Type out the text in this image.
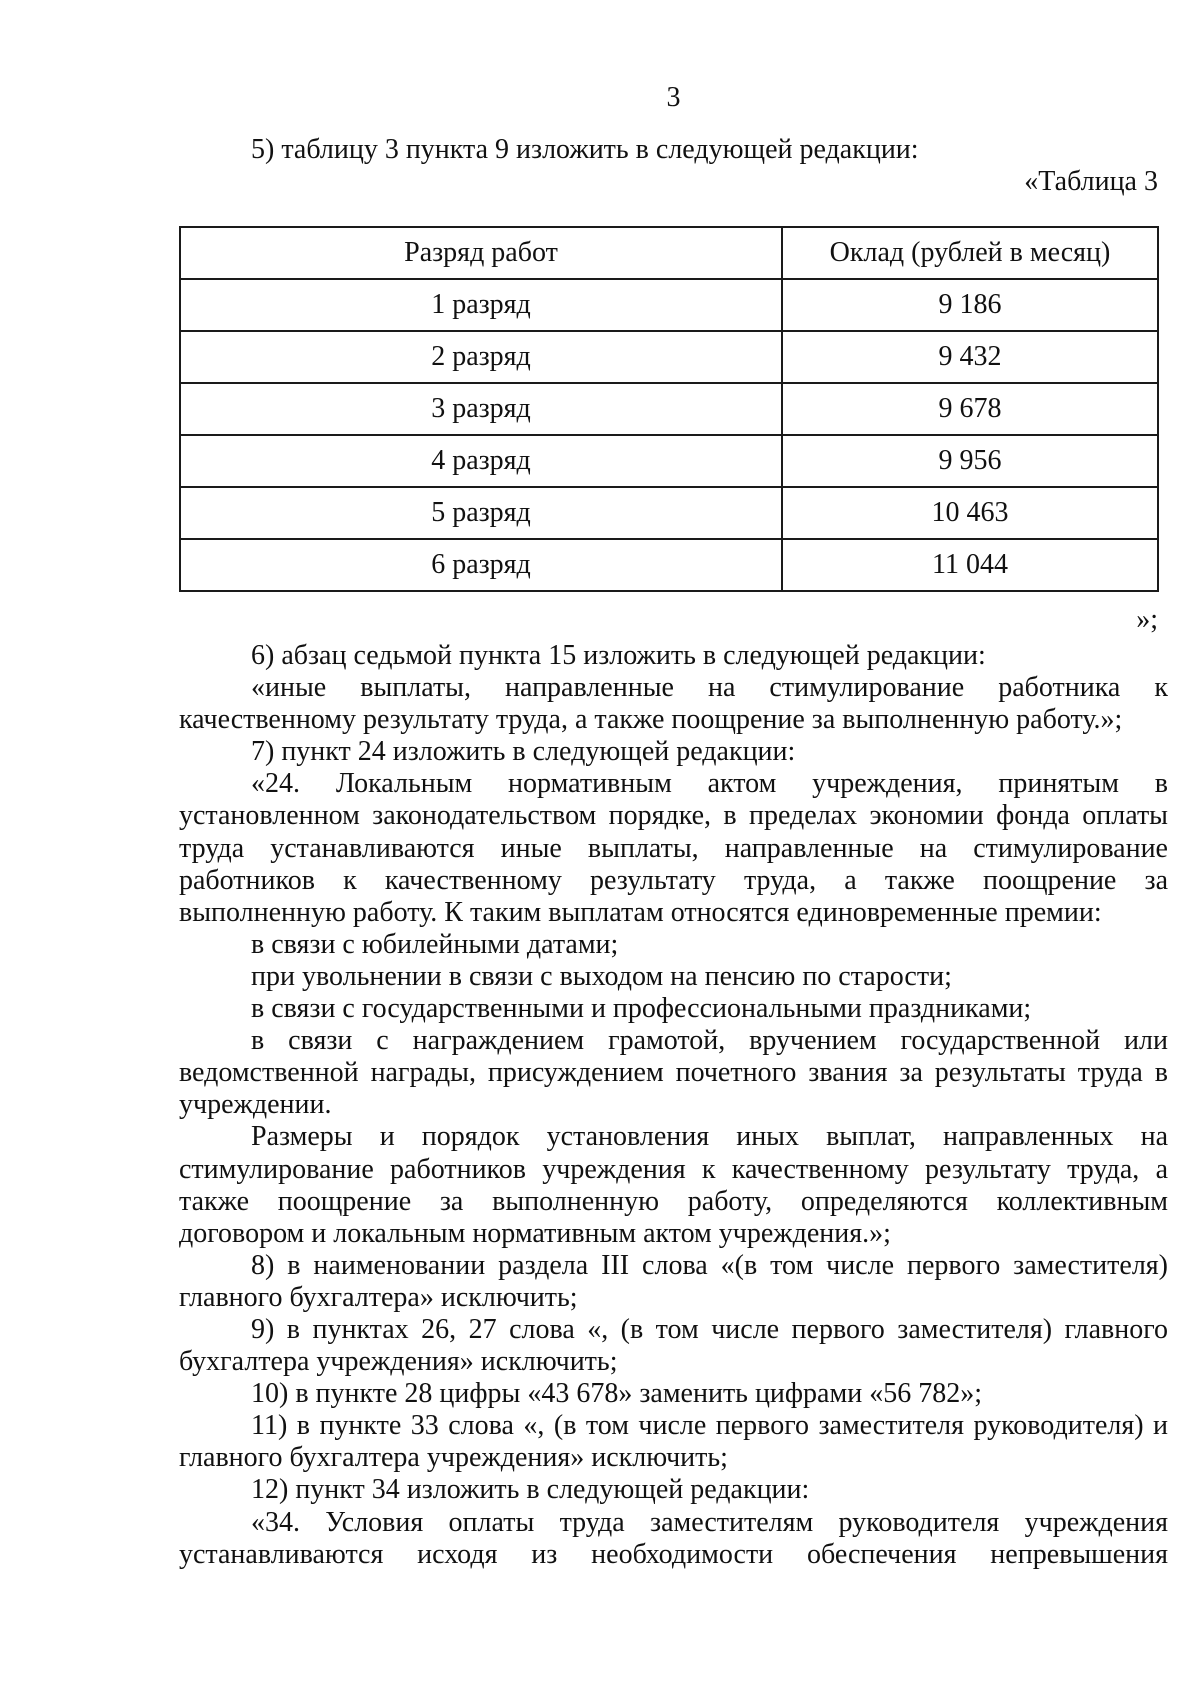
3

5) таблицу 3 пункта 9 изложить в следующей редакции:

«Таблица 3
Разряд работ	Оклад (рублей в месяц)
1 разряд	9 186
2 разряд	9 432
3 разряд	9 678
4 разряд	9 956
5 разряд	10 463
6 разряд	11 044
»;

6) абзац седьмой пункта 15 изложить в следующей редакции:

«иные выплаты, направленные на стимулирование работника к качественному результату труда, а также поощрение за выполненную работу.»;

7) пункт 24 изложить в следующей редакции:

«24. Локальным нормативным актом учреждения, принятым в установленном законодательством порядке, в пределах экономии фонда оплаты труда устанавливаются иные выплаты, направленные на стимулирование работников к качественному результату труда, а также поощрение за выполненную работу. К таким выплатам относятся единовременные премии:

в связи с юбилейными датами;

при увольнении в связи с выходом на пенсию по старости;

в связи с государственными и профессиональными праздниками;

в связи с награждением грамотой, вручением государственной или ведомственной награды, присуждением почетного звания за результаты труда в учреждении.

Размеры и порядок установления иных выплат, направленных на стимулирование работников учреждения к качественному результату труда, а также поощрение за выполненную работу, определяются коллективным договором и локальным нормативным актом учреждения.»;

8) в наименовании раздела III слова «(в том числе первого заместителя) главного бухгалтера» исключить;

9) в пунктах 26, 27 слова «, (в том числе первого заместителя) главного бухгалтера учреждения» исключить;

10) в пункте 28 цифры «43 678» заменить цифрами «56 782»;

11) в пункте 33 слова «, (в том числе первого заместителя руководителя) и главного бухгалтера учреждения» исключить;

12) пункт 34 изложить в следующей редакции:

«34. Условия оплаты труда заместителям руководителя учреждения устанавливаются исходя из необходимости обеспечения непревышения
